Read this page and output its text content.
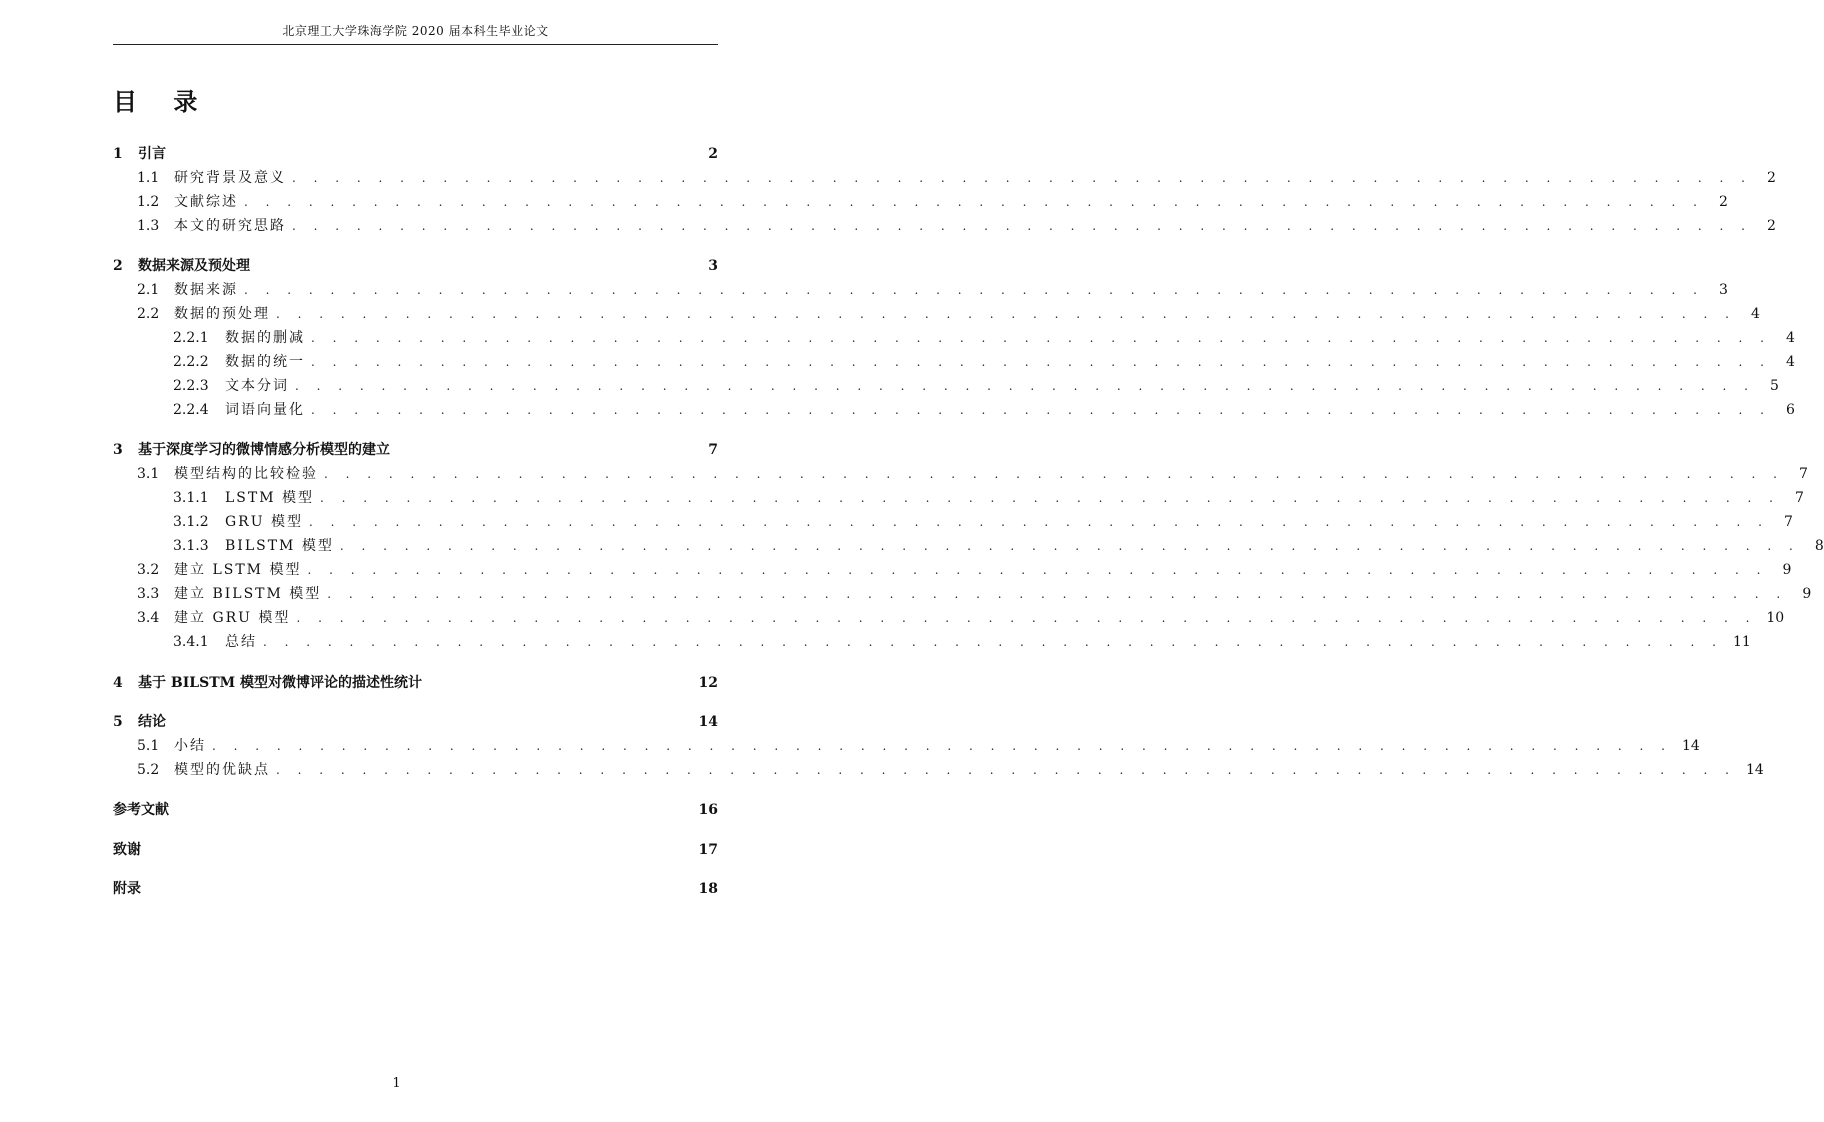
北京理工大学珠海学院 2020 届本科生毕业论文
目 录
1	引言	2
1.1	研究背景及意义 . . . . . . . . . . . . . . . . . . . . . . . . . . . . . . . . . . . . . . . . . . . . . . . . . . . . . . . . . . . . . . . . . . . .	2
1.2	文献综述 . . . . . . . . . . . . . . . . . . . . . . . . . . . . . . . . . . . . . . . . . . . . . . . . . . . . . . . . . . . . . . . . . . . .	2
1.3	本文的研究思路 . . . . . . . . . . . . . . . . . . . . . . . . . . . . . . . . . . . . . . . . . . . . . . . . . . . . . . . . . . . . . . . . . . . .	2
2	数据来源及预处理	3
2.1	数据来源 . . . . . . . . . . . . . . . . . . . . . . . . . . . . . . . . . . . . . . . . . . . . . . . . . . . . . . . . . . . . . . . . . . . .	3
2.2	数据的预处理 . . . . . . . . . . . . . . . . . . . . . . . . . . . . . . . . . . . . . . . . . . . . . . . . . . . . . . . . . . . . . . . . . . . .	4
2.2.1	数据的删减 . . . . . . . . . . . . . . . . . . . . . . . . . . . . . . . . . . . . . . . . . . . . . . . . . . . . . . . . . . . . . . . . . . . .	4
2.2.2	数据的统一 . . . . . . . . . . . . . . . . . . . . . . . . . . . . . . . . . . . . . . . . . . . . . . . . . . . . . . . . . . . . . . . . . . . .	4
2.2.3	文本分词 . . . . . . . . . . . . . . . . . . . . . . . . . . . . . . . . . . . . . . . . . . . . . . . . . . . . . . . . . . . . . . . . . . . .	5
2.2.4	词语向量化 . . . . . . . . . . . . . . . . . . . . . . . . . . . . . . . . . . . . . . . . . . . . . . . . . . . . . . . . . . . . . . . . . . . .	6
3	基于深度学习的微博情感分析模型的建立	7
3.1	模型结构的比较检验 . . . . . . . . . . . . . . . . . . . . . . . . . . . . . . . . . . . . . . . . . . . . . . . . . . . . . . . . . . . . . . . . . . . .	7
3.1.1	LSTM 模型 . . . . . . . . . . . . . . . . . . . . . . . . . . . . . . . . . . . . . . . . . . . . . . . . . . . . . . . . . . . . . . . . . . . .	7
3.1.2	GRU 模型 . . . . . . . . . . . . . . . . . . . . . . . . . . . . . . . . . . . . . . . . . . . . . . . . . . . . . . . . . . . . . . . . . . . .	7
3.1.3	BILSTM 模型 . . . . . . . . . . . . . . . . . . . . . . . . . . . . . . . . . . . . . . . . . . . . . . . . . . . . . . . . . . . . . . . . . . . .	8
3.2	建立 LSTM 模型 . . . . . . . . . . . . . . . . . . . . . . . . . . . . . . . . . . . . . . . . . . . . . . . . . . . . . . . . . . . . . . . . . . . .	9
3.3	建立 BILSTM 模型 . . . . . . . . . . . . . . . . . . . . . . . . . . . . . . . . . . . . . . . . . . . . . . . . . . . . . . . . . . . . . . . . . . . .	9
3.4	建立 GRU 模型 . . . . . . . . . . . . . . . . . . . . . . . . . . . . . . . . . . . . . . . . . . . . . . . . . . . . . . . . . . . . . . . . . . . . 10
3.4.1	总结 . . . . . . . . . . . . . . . . . . . . . . . . . . . . . . . . . . . . . . . . . . . . . . . . . . . . . . . . . . . . . . . . . . . . 11
4	基于 BILSTM 模型对微博评论的描述性统计	12
5	结论	14
5.1	小结 . . . . . . . . . . . . . . . . . . . . . . . . . . . . . . . . . . . . . . . . . . . . . . . . . . . . . . . . . . . . . . . . . . . . 14
5.2	模型的优缺点 . . . . . . . . . . . . . . . . . . . . . . . . . . . . . . . . . . . . . . . . . . . . . . . . . . . . . . . . . . . . . . . . . . . . 14
参考文献	16
致谢	17
附录	18
1
